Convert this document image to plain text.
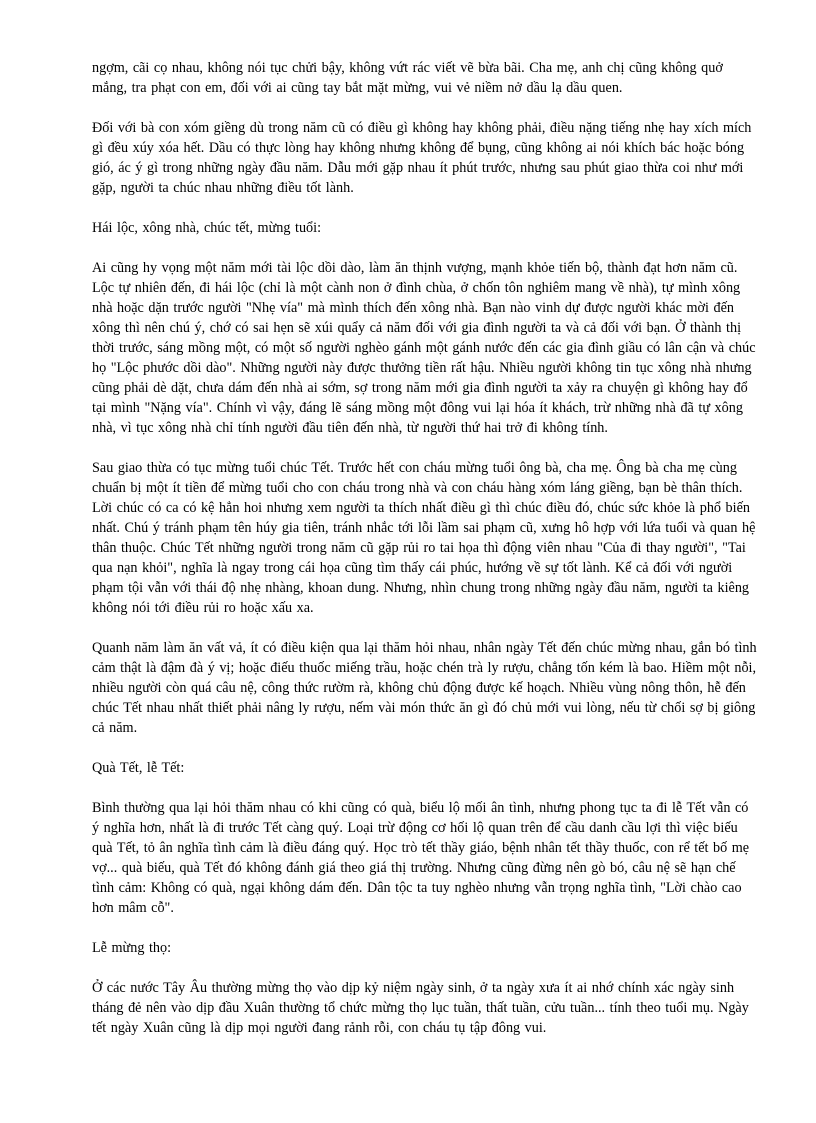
ngợm, cãi cọ nhau, không nói tục chửi bậy, không vứt rác viết vẽ bừa bãi. Cha mẹ, anh chị cũng không quở mắng, tra phạt con em, đối với ai cũng tay bắt mặt mừng, vui vẻ niềm nở dầu lạ dầu quen.

Đối với bà con xóm giềng dù trong năm cũ có điều gì không hay không phải, điều nặng tiếng nhẹ hay xích mích gì đều xúy xóa hết. Dầu có thực lòng hay không nhưng không để bụng, cũng không ai nói khích bác hoặc bóng gió, ác ý gì trong những ngày đầu năm. Dẫu mới gặp nhau ít phút trước, nhưng sau phút giao thừa coi như mới gặp, người ta chúc nhau những điều tốt lành.

Hái lộc, xông nhà, chúc tết, mừng tuổi:

Ai cũng hy vọng một năm mới tài lộc dồi dào, làm ăn thịnh vượng, mạnh khỏe tiến bộ, thành đạt hơn năm cũ. Lộc tự nhiên đến, đi hái lộc (chỉ là một cành non ở đình chùa, ở chốn tôn nghiêm mang về nhà), tự mình xông nhà hoặc dặn trước người "Nhẹ vía" mà mình thích đến xông nhà. Bạn nào vinh dự được người khác mời đến xông thì nên chú ý, chớ có sai hẹn sẽ xúi quẩy cả năm đối với gia đình người ta và cả đối với bạn. Ở thành thị thời trước, sáng mồng một, có một số người nghèo gánh một gánh nước đến các gia đình giầu có lân cận và chúc họ "Lộc phước dồi dào". Những người này được thưởng tiền rất hậu. Nhiều người không tin tục xông nhà nhưng cũng phải dè dặt, chưa dám đến nhà ai sớm, sợ trong năm mới gia đình người ta xảy ra chuyện gì không hay đổ tại mình "Nặng vía". Chính vì vậy, đáng lẽ sáng mồng một đông vui lại hóa ít khách, trừ những nhà đã tự xông nhà, vì tục xông nhà chỉ tính người đầu tiên đến nhà, từ người thứ hai trở đi không tính.

Sau giao thừa có tục mừng tuổi chúc Tết. Trước hết con cháu mừng tuổi ông bà, cha mẹ. Ông bà cha mẹ cùng chuẩn bị một ít tiền để mừng tuổi cho con cháu trong nhà và con cháu hàng xóm láng giềng, bạn bè thân thích. Lời chúc có ca có kệ hẳn hoi nhưng xem người ta thích nhất điều gì thì chúc điều đó, chúc sức khỏe là phổ biến nhất. Chú ý tránh phạm tên húy gia tiên, tránh nhắc tới lỗi lầm sai phạm cũ, xưng hô hợp với lứa tuổi và quan hệ thân thuộc. Chúc Tết những người trong năm cũ gặp rủi ro tai họa thì động viên nhau "Của đi thay người", "Tai qua nạn khỏi", nghĩa là ngay trong cái họa cũng tìm thấy cái phúc, hướng về sự tốt lành. Kể cả đối với người phạm tội vẫn với thái độ nhẹ nhàng, khoan dung. Nhưng, nhìn chung trong những ngày đầu năm, người ta kiêng không nói tới điều rủi ro hoặc xấu xa.

Quanh năm làm ăn vất vả, ít có điều kiện qua lại thăm hỏi nhau, nhân ngày Tết đến chúc mừng nhau, gắn bó tình cảm thật là đậm đà ý vị; hoặc điếu thuốc miếng trầu, hoặc chén trà ly rượu, chẳng tốn kém là bao. Hiềm một nỗi, nhiều người còn quá câu nệ, công thức rườm rà, không chủ động được kế hoạch. Nhiều vùng nông thôn, hễ đến chúc Tết nhau nhất thiết phải nâng ly rượu, nếm vài món thức ăn gì đó chủ mới vui lòng, nếu từ chối sợ bị giông cả năm.

Quà Tết, lễ Tết:

Bình thường qua lại hỏi thăm nhau có khi cũng có quà, biểu lộ mối ân tình, nhưng phong tục ta đi lễ Tết vẫn có ý nghĩa hơn, nhất là đi trước Tết càng quý. Loại trừ động cơ hối lộ quan trên để cầu danh cầu lợi thì việc biếu quà Tết, tỏ ân nghĩa tình cảm là điều đáng quý. Học trò tết thầy giáo, bệnh nhân tết thầy thuốc, con rể tết bố mẹ vợ... quà biếu, quà Tết đó không đánh giá theo giá thị trường. Nhưng cũng đừng nên gò bó, câu nệ sẽ hạn chế tình cảm: Không có quà, ngại không dám đến. Dân tộc ta tuy nghèo nhưng vẫn trọng nghĩa tình, "Lời chào cao hơn mâm cỗ".

Lễ mừng thọ:

Ở các nước Tây Âu thường mừng thọ vào dịp kỷ niệm ngày sinh, ở ta ngày xưa ít ai nhớ chính xác ngày sinh tháng đẻ nên vào dịp đầu Xuân thường tổ chức mừng thọ lục tuần, thất tuần, cửu tuần... tính theo tuổi mụ. Ngày tết ngày Xuân cũng là dịp mọi người đang rảnh rỗi, con cháu tụ tập đông vui.
